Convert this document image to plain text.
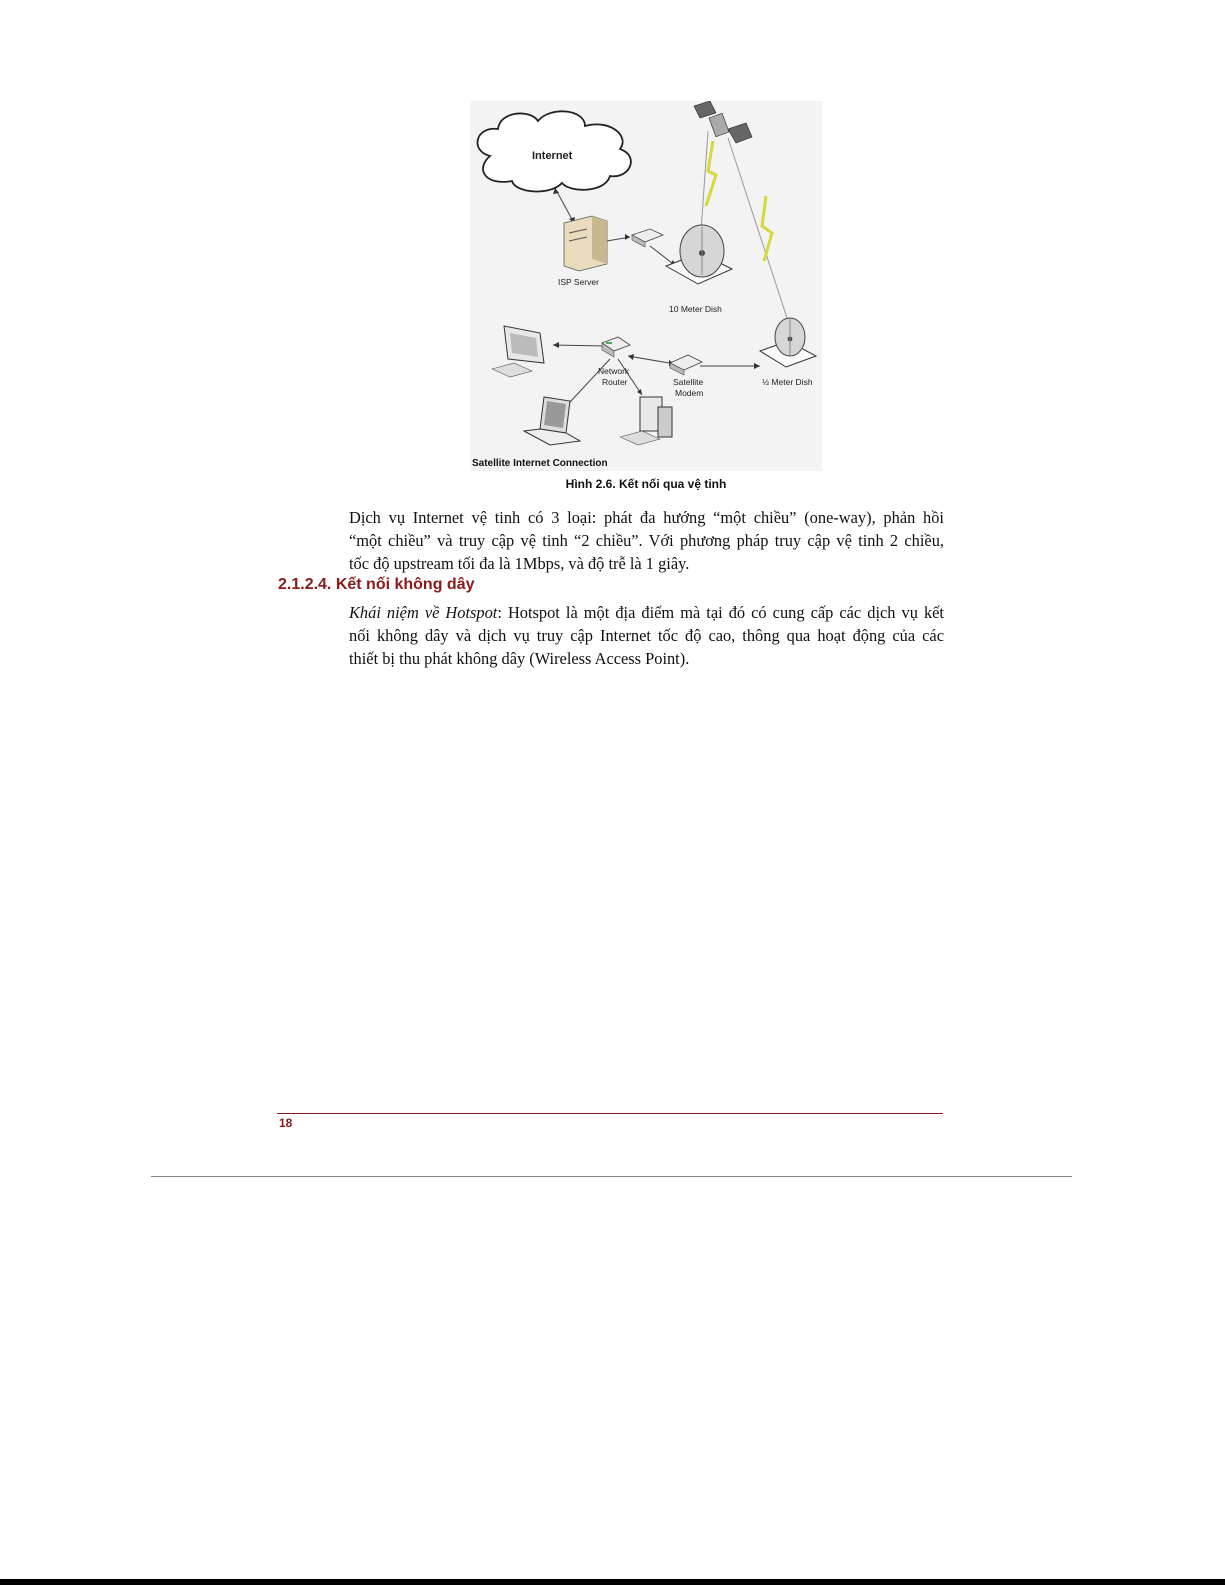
Internet
ISP Server
10 Meter Dish
½ Meter Dish
Satellite
Modem
Network
Router
Satellite Internet Connection
Hình 2.6. Kết nối qua vệ tinh
Dịch vụ Internet vệ tinh có 3 loại: phát đa hướng “một chiều” (one-way), phản hồi
“một chiều” và truy cập vệ tinh “2 chiều”. Với phương pháp truy cập vệ tinh 2 chiều,
tốc độ upstream tối đa là 1Mbps, và độ trễ là 1 giây.
2.1.2.4. Kết nối không dây
Khái niệm về Hotspot: Hotspot là một địa điểm mà tại đó có cung cấp các dịch vụ kết
nối không dây và dịch vụ truy cập Internet tốc độ cao, thông qua hoạt động của các
thiết bị thu phát không dây (Wireless Access Point).
18
